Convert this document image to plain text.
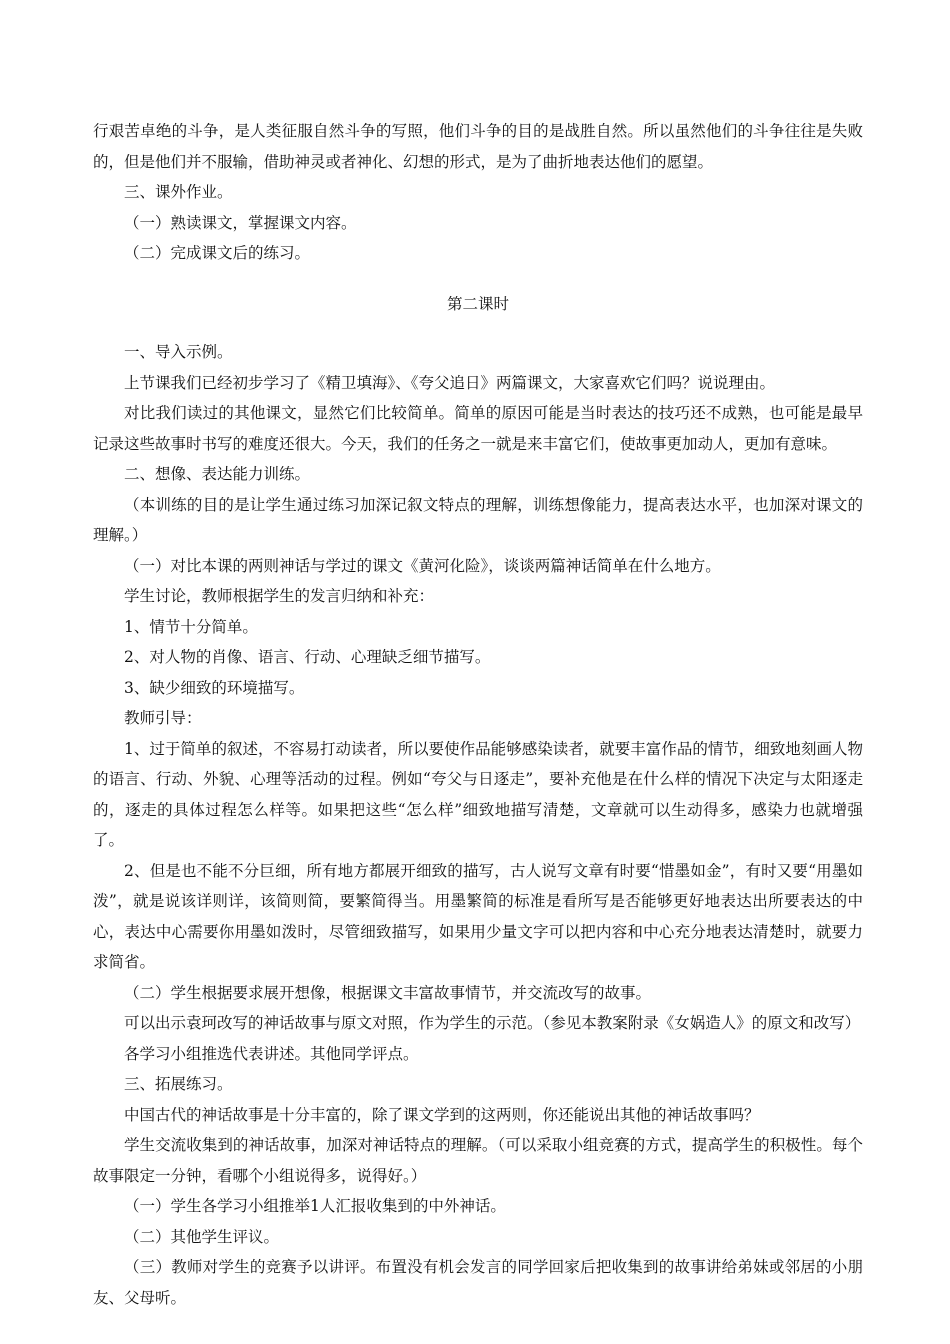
行艰苦卓绝的斗争，是人类征服自然斗争的写照，他们斗争的目的是战胜自然。所以虽然他们的斗争往往是失败的，但是他们并不服输，借助神灵或者神化、幻想的形式，是为了曲折地表达他们的愿望。

三、课外作业。

（一）熟读课文，掌握课文内容。

（二）完成课文后的练习。

第二课时

一、导入示例。

上节课我们已经初步学习了《精卫填海》、《夸父追日》两篇课文，大家喜欢它们吗？说说理由。

对比我们读过的其他课文，显然它们比较简单。简单的原因可能是当时表达的技巧还不成熟，也可能是最早记录这些故事时书写的难度还很大。今天，我们的任务之一就是来丰富它们，使故事更加动人，更加有意味。

二、想像、表达能力训练。

（本训练的目的是让学生通过练习加深记叙文特点的理解，训练想像能力，提高表达水平，也加深对课文的理解。）

（一）对比本课的两则神话与学过的课文《黄河化险》，谈谈两篇神话简单在什么地方。

学生讨论，教师根据学生的发言归纳和补充：

1、情节十分简单。

2、对人物的肖像、语言、行动、心理缺乏细节描写。

3、缺少细致的环境描写。

教师引导：

1、过于简单的叙述，不容易打动读者，所以要使作品能够感染读者，就要丰富作品的情节，细致地刻画人物的语言、行动、外貌、心理等活动的过程。例如“夸父与日逐走”，要补充他是在什么样的情况下决定与太阳逐走的，逐走的具体过程怎么样等。如果把这些“怎么样”细致地描写清楚，文章就可以生动得多，感染力也就增强了。

2、但是也不能不分巨细，所有地方都展开细致的描写，古人说写文章有时要“惜墨如金”，有时又要“用墨如泼”，就是说该详则详，该简则简，要繁简得当。用墨繁简的标准是看所写是否能够更好地表达出所要表达的中心，表达中心需要你用墨如泼时，尽管细致描写，如果用少量文字可以把内容和中心充分地表达清楚时，就要力求简省。

（二）学生根据要求展开想像，根据课文丰富故事情节，并交流改写的故事。

可以出示袁珂改写的神话故事与原文对照，作为学生的示范。（参见本教案附录《女娲造人》的原文和改写）

各学习小组推选代表讲述。其他同学评点。

三、拓展练习。

中国古代的神话故事是十分丰富的，除了课文学到的这两则，你还能说出其他的神话故事吗？

学生交流收集到的神话故事，加深对神话特点的理解。（可以采取小组竞赛的方式，提高学生的积极性。每个故事限定一分钟，看哪个小组说得多，说得好。）

（一）学生各学习小组推举1人汇报收集到的中外神话。

（二）其他学生评议。

（三）教师对学生的竞赛予以讲评。布置没有机会发言的同学回家后把收集到的故事讲给弟妹或邻居的小朋友、父母听。
